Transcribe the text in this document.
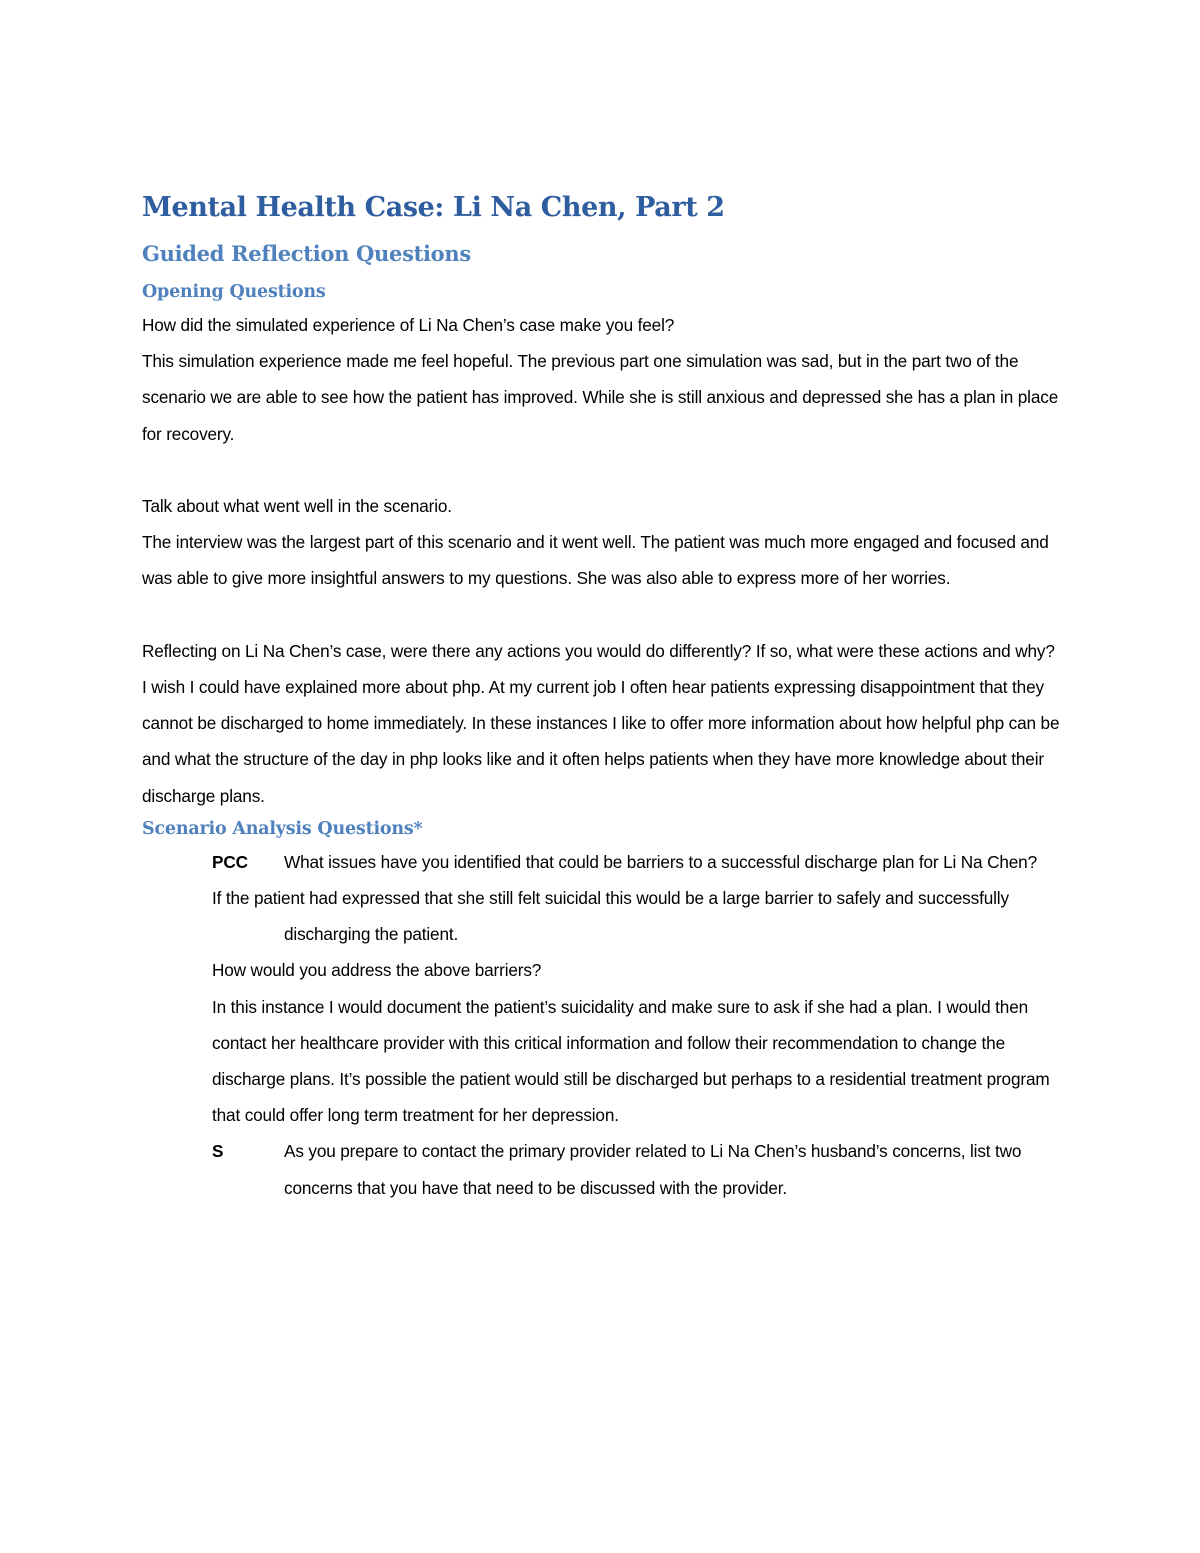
Mental Health Case: Li Na Chen, Part 2
Guided Reflection Questions
Opening Questions

How did the simulated experience of Li Na Chen’s case make you feel?

This simulation experience made me feel hopeful. The previous part one simulation was sad, but in the part two of the scenario we are able to see how the patient has improved. While she is still anxious and depressed she has a plan in place for recovery.

Talk about what went well in the scenario.

The interview was the largest part of this scenario and it went well. The patient was much more engaged and focused and was able to give more insightful answers to my questions. She was also able to express more of her worries.

Reflecting on Li Na Chen’s case, were there any actions you would do differently? If so, what were these actions and why?

I wish I could have explained more about php. At my current job I often hear patients expressing disappointment that they cannot be discharged to home immediately. In these instances I like to offer more information about how helpful php can be and what the structure of the day in php looks like and it often helps patients when they have more knowledge about their discharge plans.

Scenario Analysis Questions*
PCC What issues have you identified that could be barriers to a successful discharge plan for Li Na Chen?

If the patient had expressed that she still felt suicidal this would be a large barrier to safely and successfully discharging the patient.

How would you address the above barriers?

In this instance I would document the patient’s suicidality and make sure to ask if she had a plan. I would then contact her healthcare provider with this critical information and follow their recommendation to change the discharge plans. It’s possible the patient would still be discharged but perhaps to a residential treatment program that could offer long term treatment for her depression.

S	As you prepare to contact the primary provider related to Li Na Chen’s husband’s concerns, list two concerns that you have that need to be discussed with the provider.
